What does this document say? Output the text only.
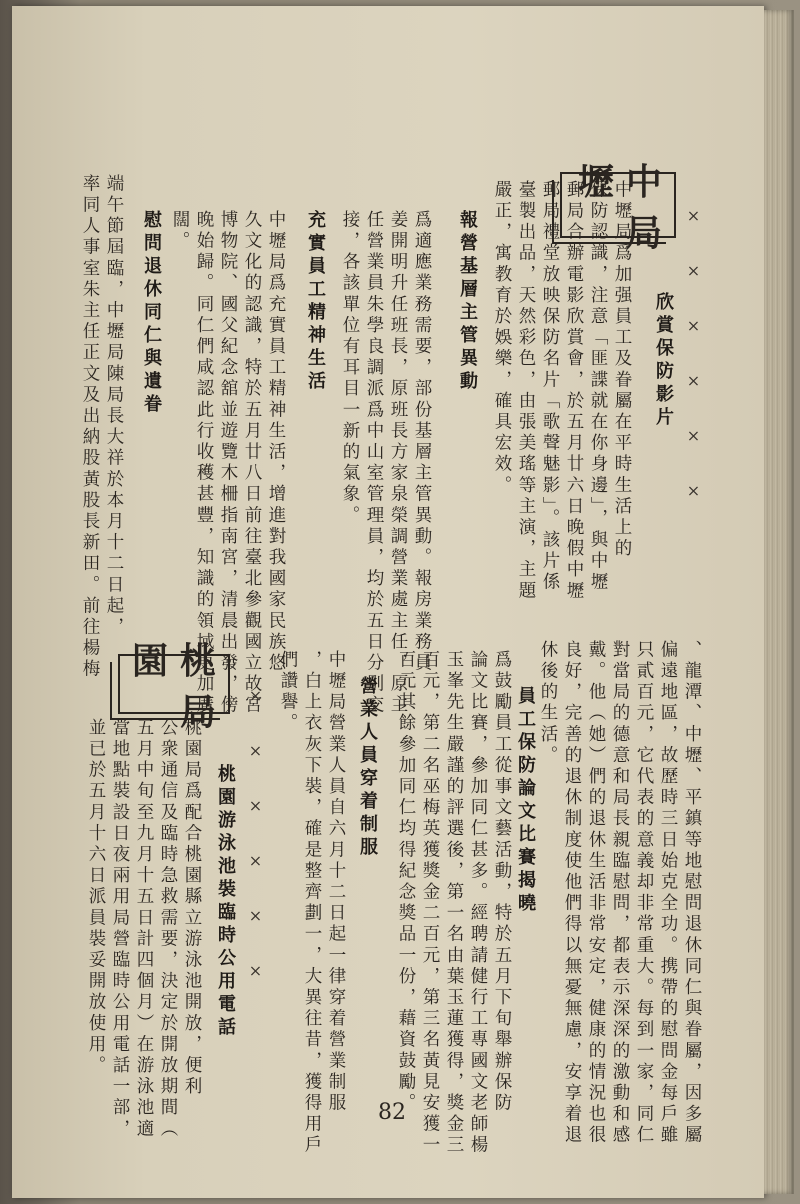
××××××
中壢局
欣賞保防影片
中壢局爲加强員工及眷屬在平時生活上的
保防認識，注意「匪諜就在你身邊」，與中壢
郵局合辦電影欣賞會，於五月廿六日晚假中壢
郵局禮堂放映保防名片「歌聲魅影」。該片係
臺製出品，天然彩色，由張美瑤等主演，主題
嚴正，寓教育於娛樂，確具宏效。
報營基層主管異動
爲適應業務需要，部份基層主管異動。報房業務員
姜開明升任班長，原班長方家泉榮調營業處主任，原主
任營業員朱學良調派爲中山室管理員，均於五日分別交
接，各該單位有耳目一新的氣象。
充實員工精神生活
中壢局爲充實員工精神生活，增進對我國家民族悠
久文化的認識，特於五月廿八日前往臺北參觀國立故宮
博物院、國父紀念舘並遊覽木柵指南宮，清晨出發，傍
晚始歸。同仁們咸認此行收穫甚豐，知識的領域更加廣
闊。
慰問退休同仁與遺眷
端午節屆臨，中壢局陳局長大祥於本月十二日起，
率同人事室朱主任正文及出納股黃股長新田。前往楊梅
、龍潭、中壢、平鎮等地慰問退休同仁與眷屬，因多屬
偏遠地區，故歷時三日始克全功。携帶的慰問金每戶雖
只貳百元，它代表的意義却非常重大。每到一家，同仁
對當局的德意和局長親臨慰問，都表示深深的激動和感
戴。他（她）們的退休生活非常安定，健康的情況也很
良好，完善的退休制度使他們得以無憂無慮，安享着退
休後的生活。
員工保防論文比賽揭曉
爲鼓勵員工從事文藝活動，特於五月下旬舉辦保防
論文比賽，參加同仁甚多。經聘請健行工專國文老師楊
玉峯先生嚴謹的評選後，第一名由葉玉蓮獲得，獎金三
百元，第二名巫梅英獲獎金二百元，第三名黃見安獲一
百元其餘參加同仁均得紀念獎品一份，藉資鼓勵。
營業人員穿着制服
中壢局營業人員自六月十二日起一律穿着營業制服
，白上衣灰下裝，確是整齊劃一，大異往昔，獲得用戶
們讚譽。
××××××
桃園局
桃園游泳池裝臨時公用電話
桃園局爲配合桃園縣立游泳池開放，便利
公衆通信及臨時急救需要，決定於開放期間（
五月中旬至九月十五日計四個月）在游泳池適
當地點裝設日夜兩用局營臨時公用電話一部，
並已於五月十六日派員裝妥開放使用。
82
